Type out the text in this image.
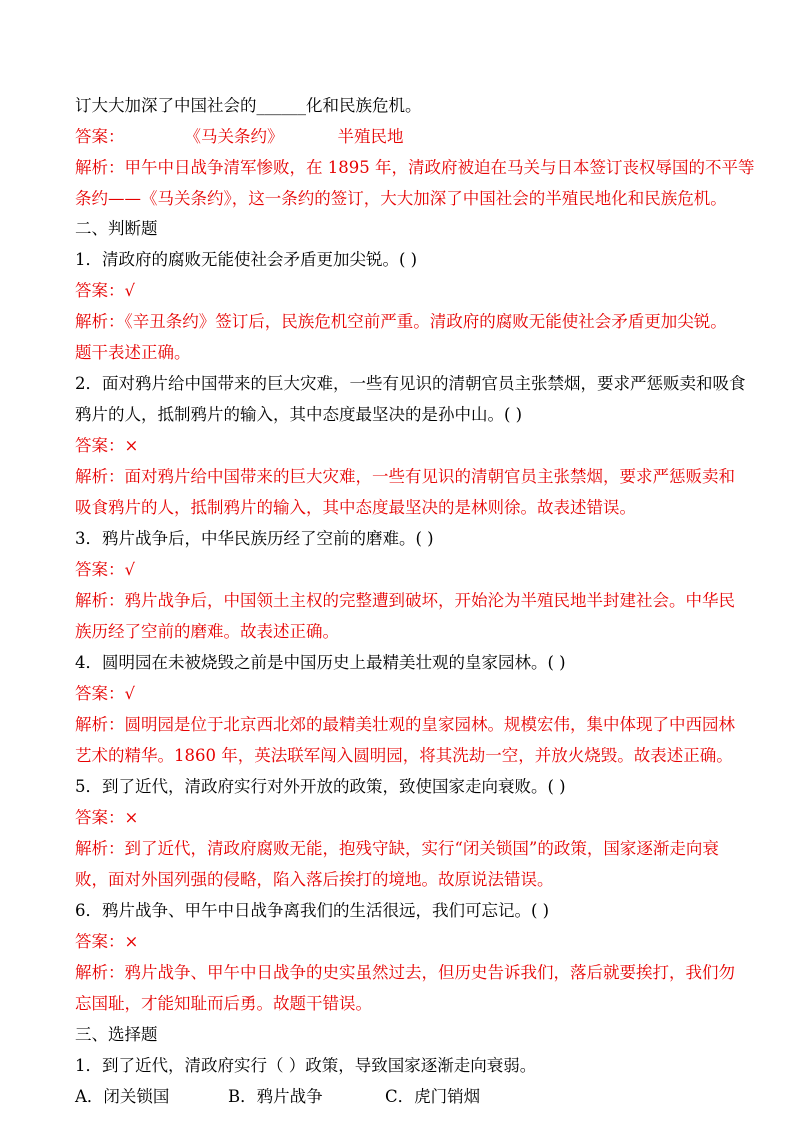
订大大加深了中国社会的______化和民族危机。
答案：	《马关条约》	半殖民地
解析：甲午中日战争清军惨败，在 1895 年，清政府被迫在马关与日本签订丧权辱国的不平等
条约——《马关条约》，这一条约的签订，大大加深了中国社会的半殖民地化和民族危机。
二、判断题
1．清政府的腐败无能使社会矛盾更加尖锐。( )
答案：√
解析：《辛丑条约》签订后，民族危机空前严重。清政府的腐败无能使社会矛盾更加尖锐。
题干表述正确。
2．面对鸦片给中国带来的巨大灾难，一些有见识的清朝官员主张禁烟，要求严惩贩卖和吸食
鸦片的人，抵制鸦片的输入，其中态度最坚决的是孙中山。( )
答案：×
解析：面对鸦片给中国带来的巨大灾难，一些有见识的清朝官员主张禁烟，要求严惩贩卖和
吸食鸦片的人，抵制鸦片的输入，其中态度最坚决的是林则徐。故表述错误。
3．鸦片战争后，中华民族历经了空前的磨难。( )
答案：√
解析：鸦片战争后，中国领土主权的完整遭到破坏，开始沦为半殖民地半封建社会。中华民
族历经了空前的磨难。故表述正确。
4．圆明园在未被烧毁之前是中国历史上最精美壮观的皇家园林。( )
答案：√
解析：圆明园是位于北京西北郊的最精美壮观的皇家园林。规模宏伟，集中体现了中西园林
艺术的精华。1860 年，英法联军闯入圆明园，将其洗劫一空，并放火烧毁。故表述正确。
5．到了近代，清政府实行对外开放的政策，致使国家走向衰败。( )
答案：×
解析：到了近代，清政府腐败无能，抱残守缺，实行“闭关锁国”的政策，国家逐渐走向衰
败，面对外国列强的侵略，陷入落后挨打的境地。故原说法错误。
6．鸦片战争、甲午中日战争离我们的生活很远，我们可忘记。( )
答案：×
解析：鸦片战争、甲午中日战争的史实虽然过去，但历史告诉我们，落后就要挨打，我们勿
忘国耻，才能知耻而后勇。故题干错误。
三、选择题
1．到了近代，清政府实行（ ）政策，导致国家逐渐走向衰弱。
A．闭关锁国	B．鸦片战争	C．虎门销烟
